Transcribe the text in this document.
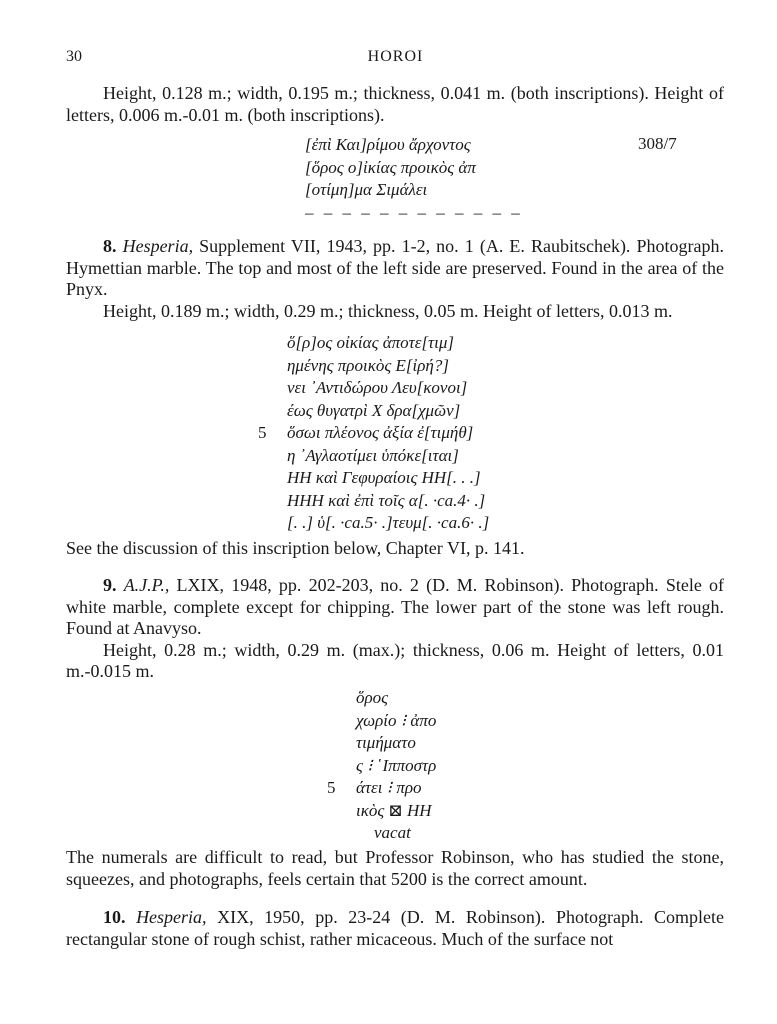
30	HOROI

Height, 0.128 m.; width, 0.195 m.; thickness, 0.041 m. (both inscriptions). Height of letters, 0.006 m.-0.01 m. (both inscriptions).

[ἐπὶ Και]ρίμου ἄρχοντος
[ὅρος ο]ἰκίας προικὸς ἀπ
[οτίμη]μα Σιμάλει
– – – – – – – – – – – –
308/7

8. Hesperia, Supplement VII, 1943, pp. 1-2, no. 1 (A. E. Raubitschek). Photograph. Hymettian marble. The top and most of the left side are preserved. Found in the area of the Pnyx.

Height, 0.189 m.; width, 0.29 m.; thickness, 0.05 m. Height of letters, 0.013 m.

ὅ[ρ]ος οἰκίας ἀποτε[τιμ]
ημένης προικὸς Ε[ἰρή?]
νει ᾿Αντιδώρου Λευ[κονοι]
έως θυγατρὶ Χ δρα[χμῶν]
5 ὅσωι πλέονος ἀξία ἐ[τιμήθ]
η ᾿Αγλαοτίμει ὑπόκε[ιται]
ΗΗ καὶ Γεφυραίοις ΗΗ[. . .]
ΗΗΗ καὶ ἐπὶ τοῖς α[. ·ca.4· .]
[. .] ὑ[. ·ca.5· .]τευμ[. ·ca.6· .]

See the discussion of this inscription below, Chapter VI, p. 141.

9. A.J.P., LXIX, 1948, pp. 202-203, no. 2 (D. M. Robinson). Photograph. Stele of white marble, complete except for chipping. The lower part of the stone was left rough. Found at Anavyso.

Height, 0.28 m.; width, 0.29 m. (max.); thickness, 0.06 m. Height of letters, 0.01 m.-0.015 m.

ὅρος
χωρίο ⁝ ἀπο
τιμήματο
ς ⁝ ῾Ιπποστρ
5 άτει ⁝ προ
ικὸς ⊠ ΗΗ
vacat

The numerals are difficult to read, but Professor Robinson, who has studied the stone, squeezes, and photographs, feels certain that 5200 is the correct amount.

10. Hesperia, XIX, 1950, pp. 23-24 (D. M. Robinson). Photograph. Complete rectangular stone of rough schist, rather micaceous. Much of the surface not
